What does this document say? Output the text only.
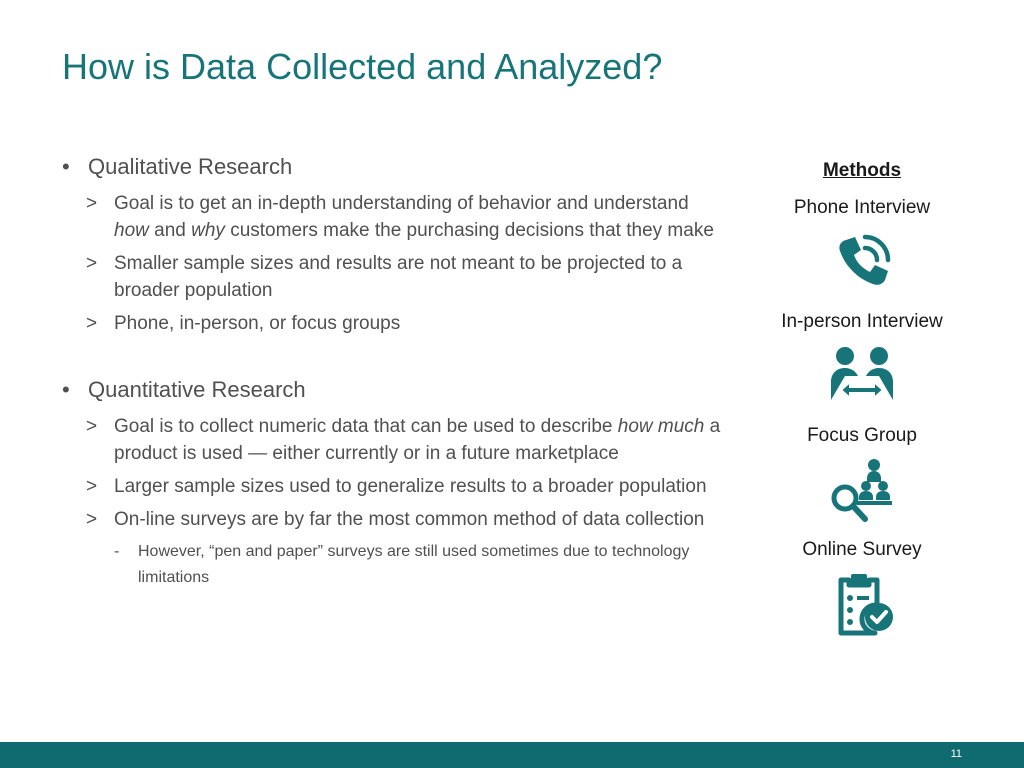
How is Data Collected and Analyzed?
• Qualitative Research
> Goal is to get an in-depth understanding of behavior and understand how and why customers make the purchasing decisions that they make
> Smaller sample sizes and results are not meant to be projected to a broader population
> Phone, in-person, or focus groups
• Quantitative Research
> Goal is to collect numeric data that can be used to describe how much a product is used — either currently or in a future marketplace
> Larger sample sizes used to generalize results to a broader population
> On-line surveys are by far the most common method of data collection
- However, “pen and paper” surveys are still used sometimes due to technology limitations
Methods
Phone Interview
In-person Interview
Focus Group
Online Survey
11
